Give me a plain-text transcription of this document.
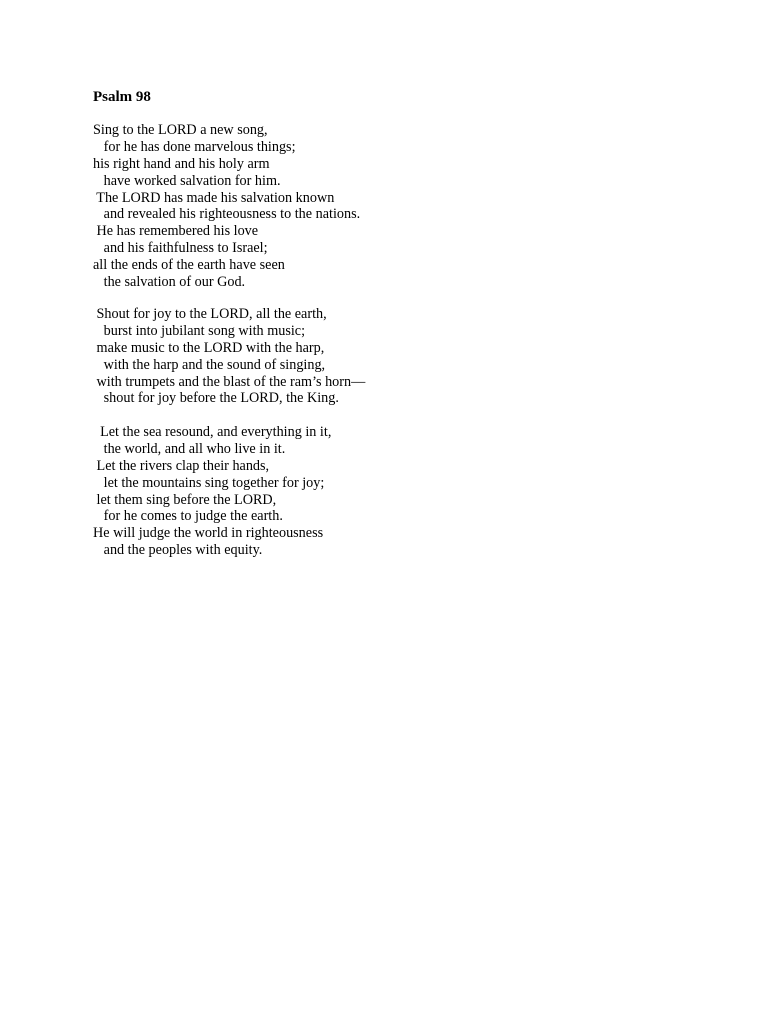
Psalm 98
Sing to the LORD a new song,
for he has done marvelous things;
his right hand and his holy arm
have worked salvation for him.
The LORD has made his salvation known
and revealed his righteousness to the nations.
He has remembered his love
and his faithfulness to Israel;
all the ends of the earth have seen
the salvation of our God.
Shout for joy to the LORD, all the earth,
burst into jubilant song with music;
make music to the LORD with the harp,
with the harp and the sound of singing,
with trumpets and the blast of the ram’s horn—
shout for joy before the LORD, the King.
Let the sea resound, and everything in it,
the world, and all who live in it.
Let the rivers clap their hands,
let the mountains sing together for joy;
let them sing before the LORD,
for he comes to judge the earth.
He will judge the world in righteousness
and the peoples with equity.
